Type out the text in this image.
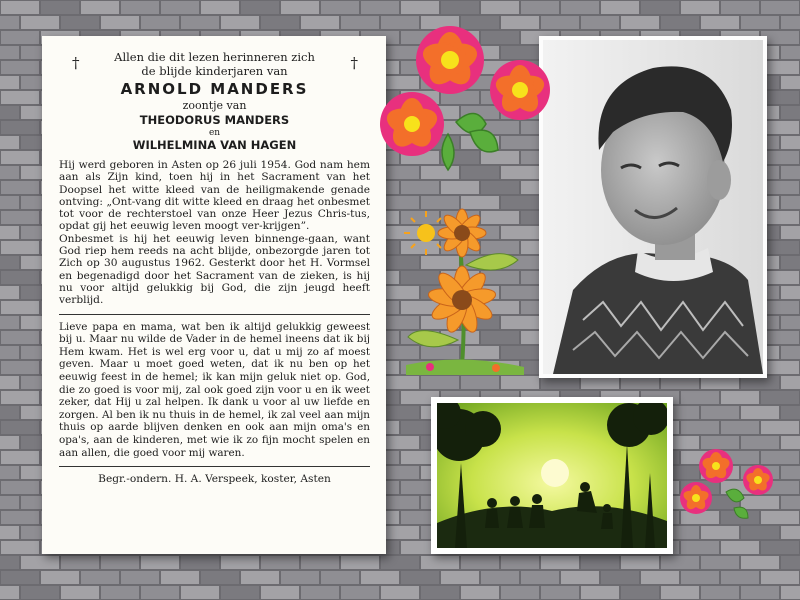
†	†

Allen die dit lezen herinneren zich

de blijde kinderjaren van

ARNOLD MANDERS

zoontje van

THEODORUS MANDERS

en

WILHELMINA VAN HAGEN

Hij werd geboren in Asten op 26 juli 1954. God nam hem aan als Zijn kind, toen hij in het Sacrament van het Doopsel het witte kleed van de heiligmakende genade ontving: „Ont-vang dit witte kleed en draag het onbesmet tot voor de rechterstoel van onze Heer Jezus Chris-tus, opdat gij het eeuwig leven moogt ver-krijgen”.

Onbesmet is hij het eeuwig leven binnenge-gaan, want God riep hem reeds na acht blijde, onbezorgde jaren tot Zich op 30 augustus 1962. Gesterkt door het H. Vormsel en begenadigd door het Sacrament van de zieken, is hij nu voor altijd gelukkig bij God, die zijn jeugd heeft verblijd.

Lieve papa en mama, wat ben ik altijd gelukkig geweest bij u. Maar nu wilde de Vader in de hemel ineens dat ik bij Hem kwam. Het is wel erg voor u, dat u mij zo af moest geven. Maar u moet goed weten, dat ik nu ben op het eeuwig feest in de hemel; ik kan mijn geluk niet op. God, die zo goed is voor mij, zal ook goed zijn voor u en ik weet zeker, dat Hij u zal helpen. Ik dank u voor al uw liefde en zorgen. Al ben ik nu thuis in de hemel, ik zal veel aan mijn thuis op aarde blijven denken en ook aan mijn oma's en opa's, aan de kinderen, met wie ik zo fijn mocht spelen en aan allen, die goed voor mij waren.

Begr.-ondern. H. A. Verspeek, koster, Asten
